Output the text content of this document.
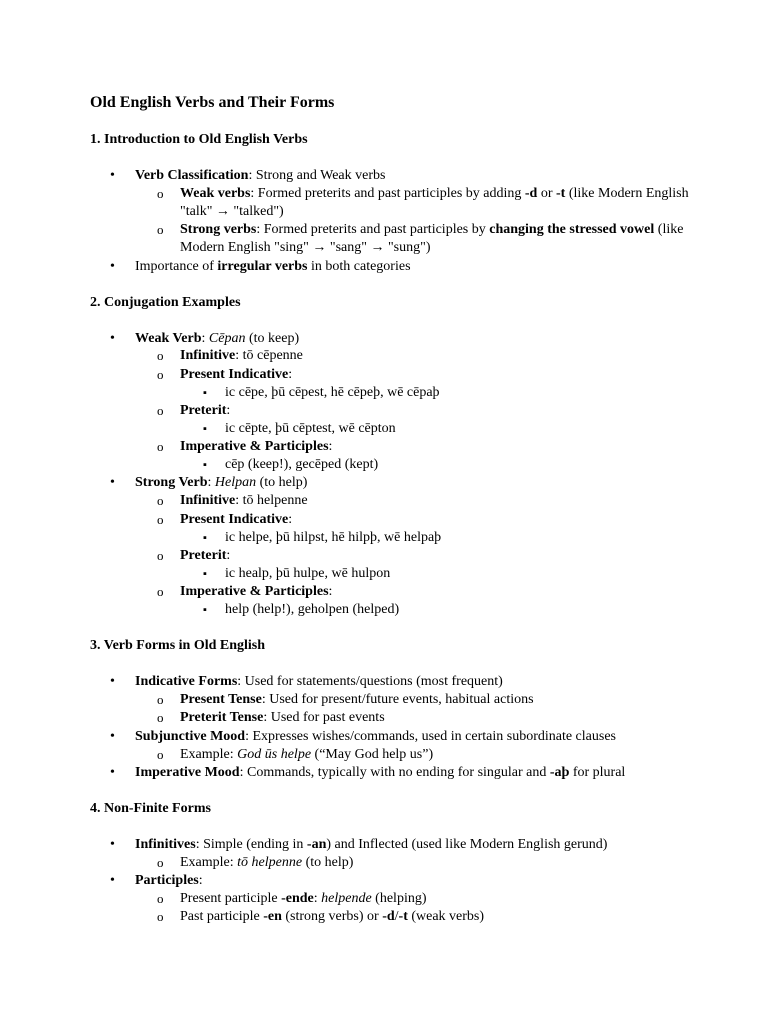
Old English Verbs and Their Forms
1. Introduction to Old English Verbs
• Verb Classification: Strong and Weak verbs
o Weak verbs: Formed preterits and past participles by adding -d or -t (like Modern English "talk" → "talked")
o Strong verbs: Formed preterits and past participles by changing the stressed vowel (like Modern English "sing" → "sang" → "sung")
• Importance of irregular verbs in both categories
2. Conjugation Examples
• Weak Verb: Cēpan (to keep)
o Infinitive: tō cēpenne
o Present Indicative:
▪ ic cēpe, þū cēpest, hē cēpeþ, wē cēpaþ
o Preterit:
▪ ic cēpte, þū cēptest, wē cēpton
o Imperative & Participles:
▪ cēp (keep!), gecēped (kept)
• Strong Verb: Helpan (to help)
o Infinitive: tō helpenne
o Present Indicative:
▪ ic helpe, þū hilpst, hē hilpþ, wē helpaþ
o Preterit:
▪ ic healp, þū hulpe, wē hulpon
o Imperative & Participles:
▪ help (help!), geholpen (helped)
3. Verb Forms in Old English
• Indicative Forms: Used for statements/questions (most frequent)
o Present Tense: Used for present/future events, habitual actions
o Preterit Tense: Used for past events
• Subjunctive Mood: Expresses wishes/commands, used in certain subordinate clauses
o Example: God ūs helpe (“May God help us”)
• Imperative Mood: Commands, typically with no ending for singular and -aþ for plural
4. Non-Finite Forms
• Infinitives: Simple (ending in -an) and Inflected (used like Modern English gerund)
o Example: tō helpenne (to help)
• Participles:
o Present participle -ende: helpende (helping)
o Past participle -en (strong verbs) or -d/-t (weak verbs)
